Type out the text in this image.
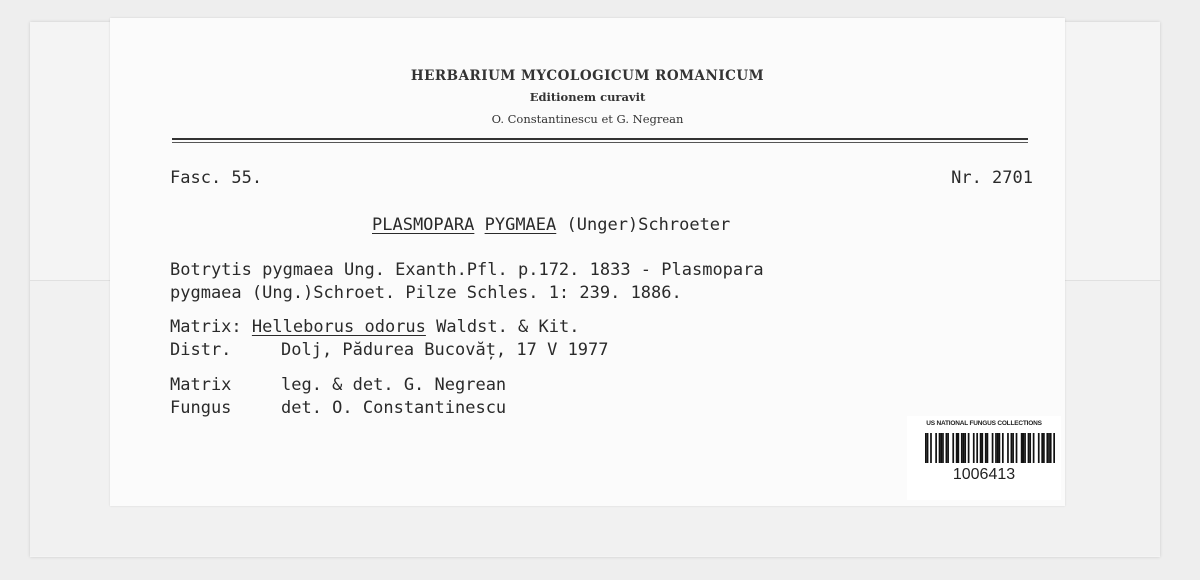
HERBARIUM MYCOLOGICUM ROMANICUM
Editionem curavit
O. Constantinescu et G. Negrean
Fasc. 55.	Nr. 2701
PLASMOPARA PYGMAEA (Unger)Schroeter
Botrytis pygmaea Ung. Exanth.Pfl. p.172. 1833 - Plasmopara
pygmaea (Ung.)Schroet. Pilze Schles. 1: 239. 1886.
Matrix: Helleborus odorus Waldst. & Kit.
Distr.	Dolj, Pădurea Bucovăț, 17 V 1977
Matrix	leg. & det. G. Negrean
Fungus	det. O. Constantinescu
US NATIONAL FUNGUS COLLECTIONS
1006413
